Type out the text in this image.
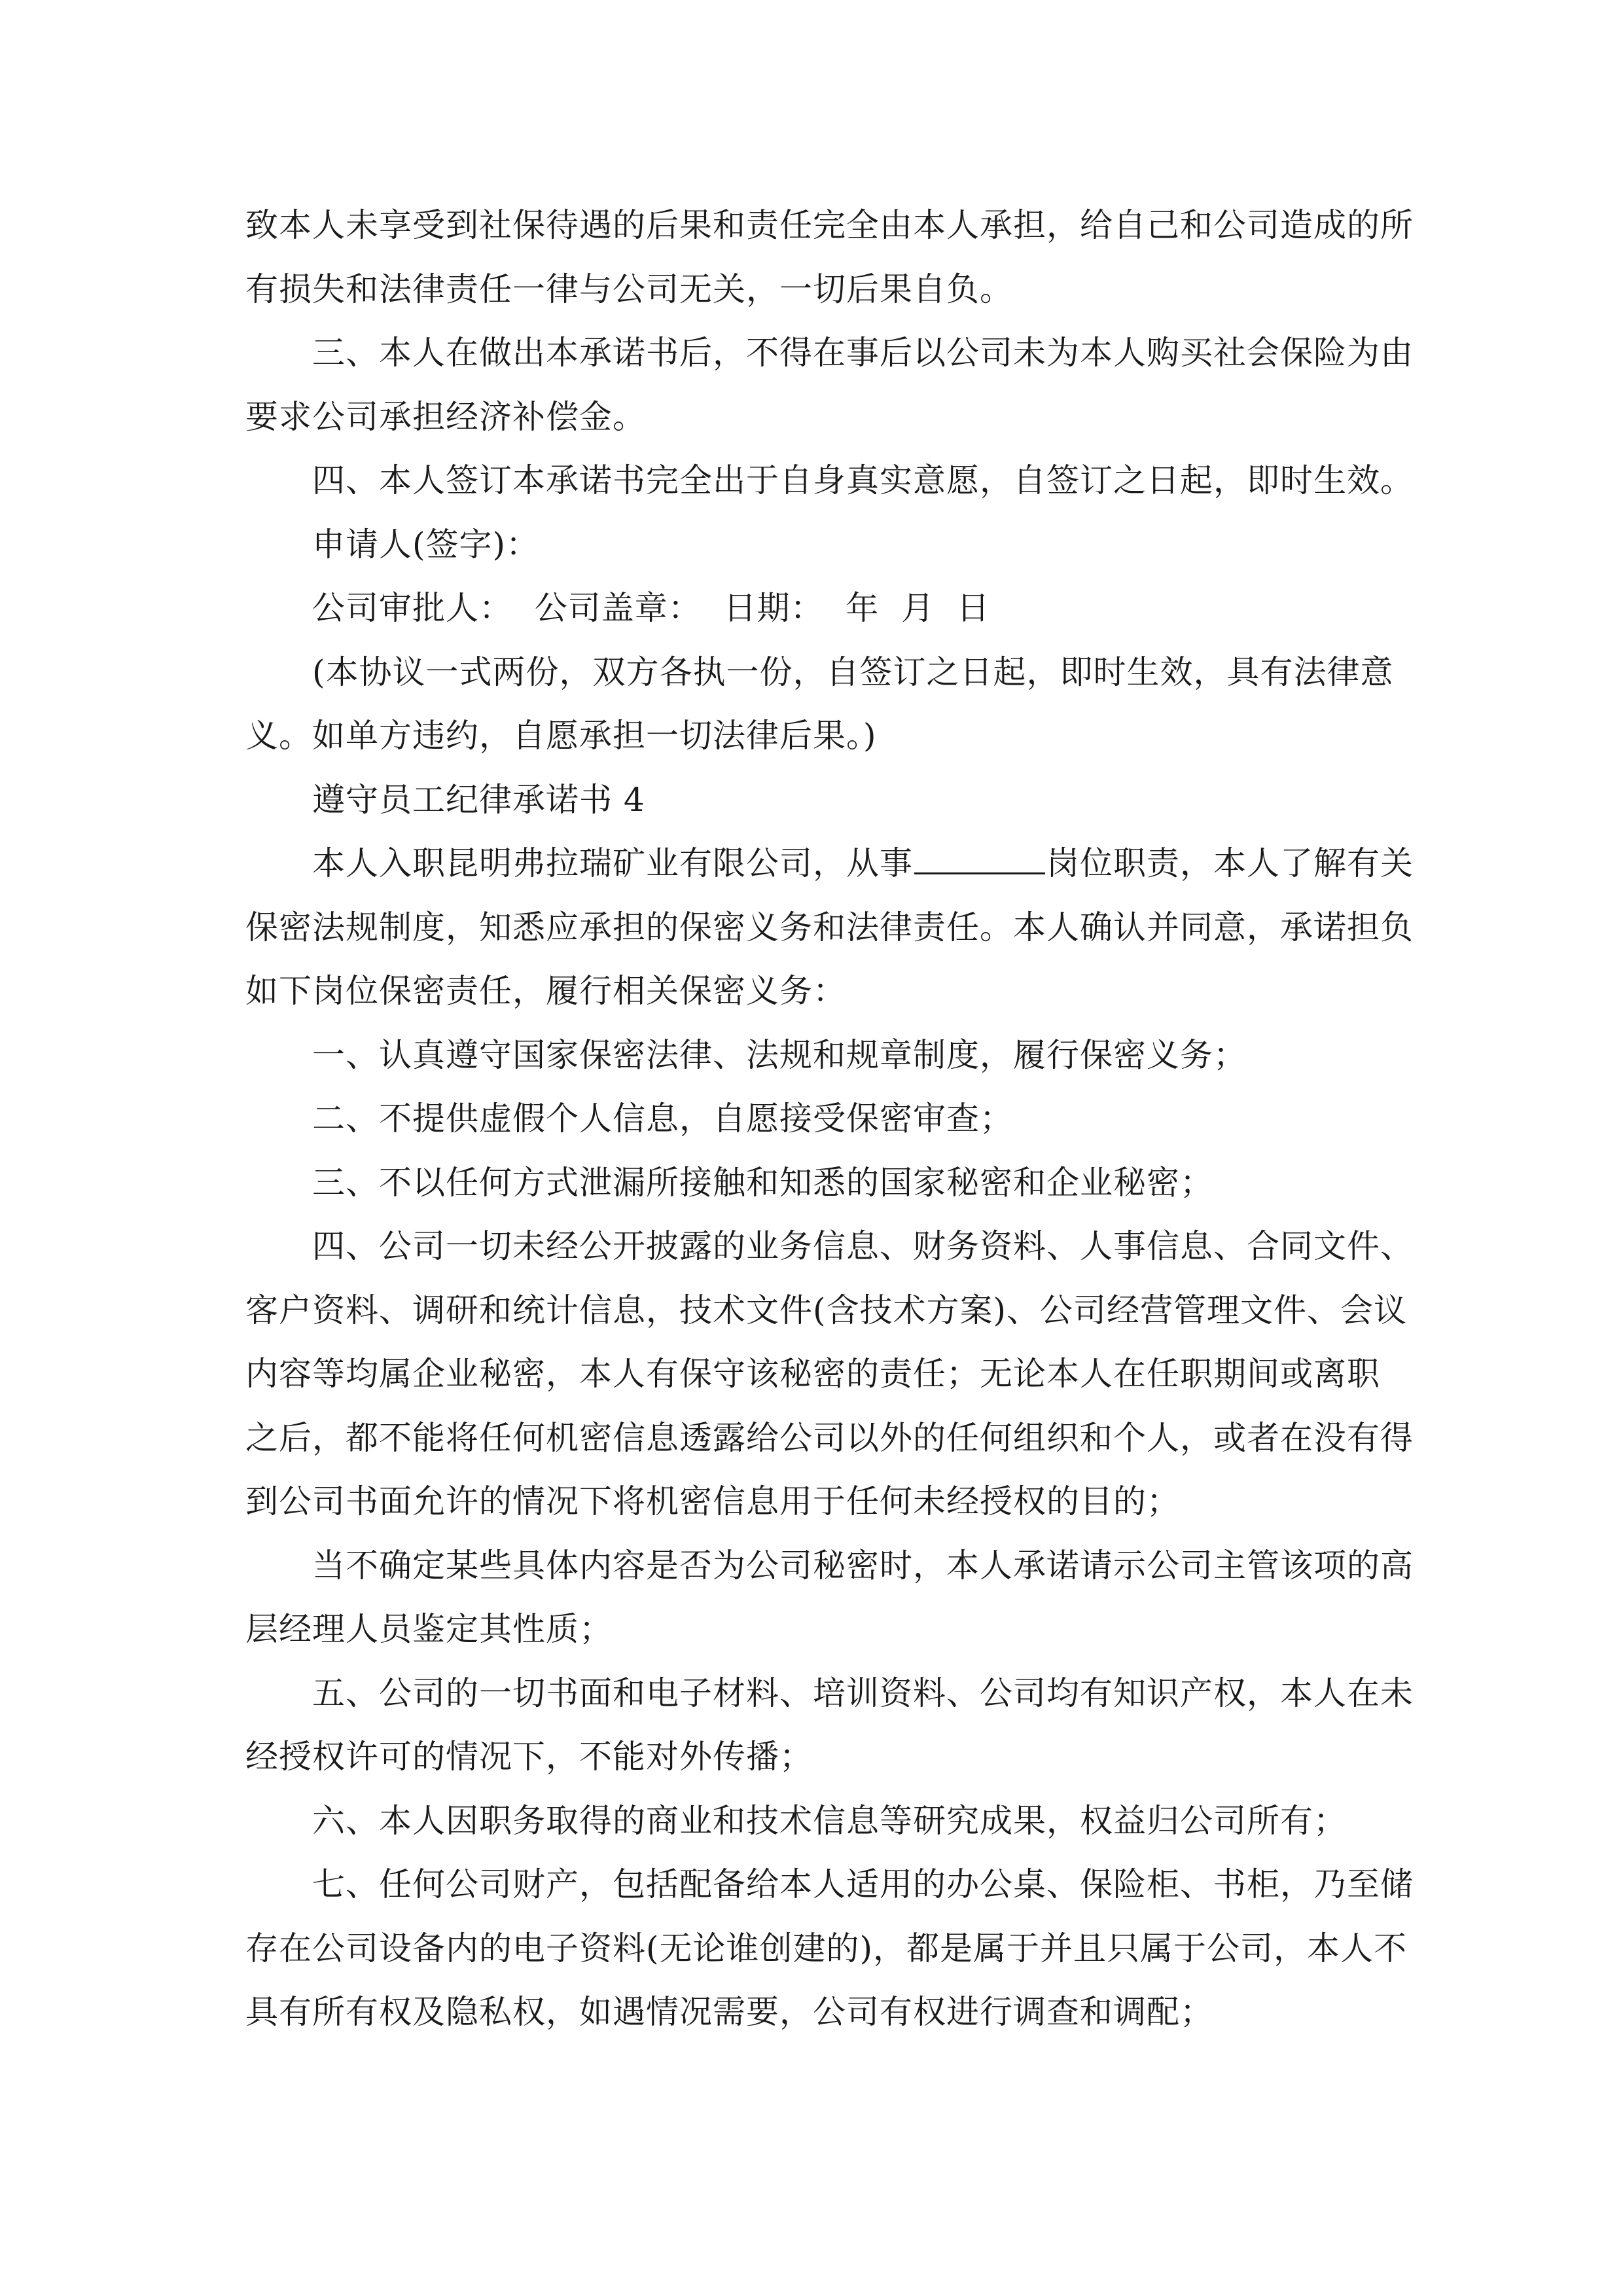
致本人未享受到社保待遇的后果和责任完全由本人承担，给自己和公司造成的所
有损失和法律责任一律与公司无关，一切后果自负。
三、本人在做出本承诺书后，不得在事后以公司未为本人购买社会保险为由
要求公司承担经济补偿金。
四、本人签订本承诺书完全出于自身真实意愿，自签订之日起，即时生效。
申请人(签字)：
公司审批人：  公司盖章：  日期：  年  月  日
(本协议一式两份，双方各执一份，自签订之日起，即时生效，具有法律意
义。如单方违约，自愿承担一切法律后果。)
遵守员工纪律承诺书 4
本人入职昆明弗拉瑞矿业有限公司，从事	岗位职责，本人了解有关
保密法规制度，知悉应承担的保密义务和法律责任。本人确认并同意，承诺担负
如下岗位保密责任，履行相关保密义务：
一、认真遵守国家保密法律、法规和规章制度，履行保密义务；
二、不提供虚假个人信息，自愿接受保密审查；
三、不以任何方式泄漏所接触和知悉的国家秘密和企业秘密；
四、公司一切未经公开披露的业务信息、财务资料、人事信息、合同文件、
客户资料、调研和统计信息，技术文件(含技术方案)、公司经营管理文件、会议
内容等均属企业秘密，本人有保守该秘密的责任；无论本人在任职期间或离职
之后，都不能将任何机密信息透露给公司以外的任何组织和个人，或者在没有得
到公司书面允许的情况下将机密信息用于任何未经授权的目的；
当不确定某些具体内容是否为公司秘密时，本人承诺请示公司主管该项的高
层经理人员鉴定其性质；
五、公司的一切书面和电子材料、培训资料、公司均有知识产权，本人在未
经授权许可的情况下，不能对外传播；
六、本人因职务取得的商业和技术信息等研究成果，权益归公司所有；
七、任何公司财产，包括配备给本人适用的办公桌、保险柜、书柜，乃至储
存在公司设备内的电子资料(无论谁创建的)，都是属于并且只属于公司，本人不
具有所有权及隐私权，如遇情况需要，公司有权进行调查和调配；
